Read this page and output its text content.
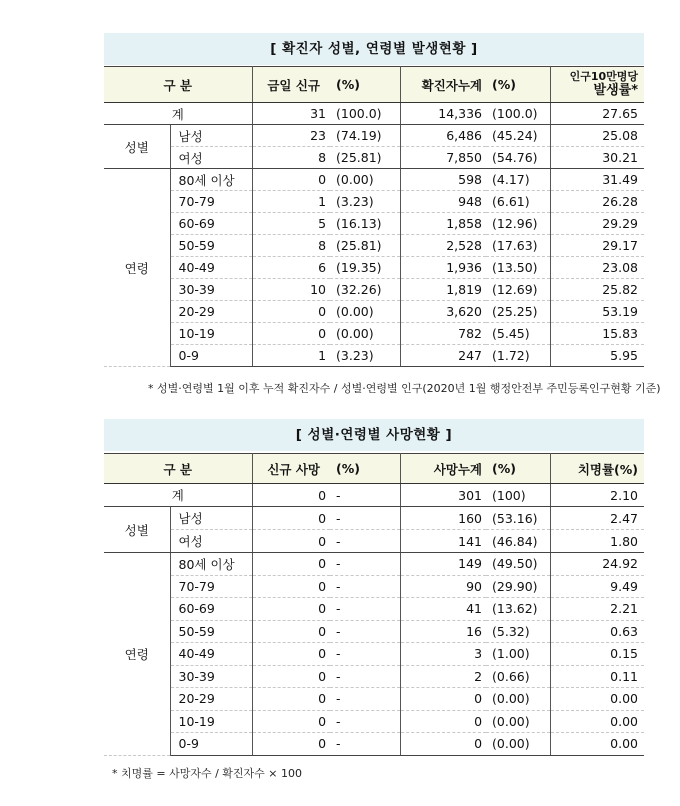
[ 확진자 성별, 연령별 발생현황 ]
구 분		금일 신규	(%)	확진자누계	(%)	인구10만명당
발생률*

계		31	(100.0)	14,336	(100.0)	27.65
성별	남성	23	(74.19)	6,486	(45.24)	25.08
	여성	8	(25.81)	7,850	(54.76)	30.21
연령	80세 이상	0	(0.00)	598	(4.17)	31.49
	70-79	1	(3.23)	948	(6.61)	26.28
	60-69	5	(16.13)	1,858	(12.96)	29.29
	50-59	8	(25.81)	2,528	(17.63)	29.17
	40-49	6	(19.35)	1,936	(13.50)	23.08
	30-39	10	(32.26)	1,819	(12.69)	25.82
	20-29	0	(0.00)	3,620	(25.25)	53.19
	10-19	0	(0.00)	782	(5.45)	15.83
	0-9	1	(3.23)	247	(1.72)	5.95
* 성별·연령별 1월 이후 누적 확진자수 / 성별·연령별 인구(2020년 1월 행정안전부 주민등록인구현황 기준)
[ 성별·연령별 사망현황 ]
구 분		신규 사망	(%)	사망누계	(%)	치명률(%)
계		0	-	301	(100)	2.10
성별	남성	0	-	160	(53.16)	2.47
	여성	0	-	141	(46.84)	1.80
연령	80세 이상	0	-	149	(49.50)	24.92
	70-79	0	-	90	(29.90)	9.49
	60-69	0	-	41	(13.62)	2.21
	50-59	0	-	16	(5.32)	0.63
	40-49	0	-	3	(1.00)	0.15
	30-39	0	-	2	(0.66)	0.11
	20-29	0	-	0	(0.00)	0.00
	10-19	0	-	0	(0.00)	0.00
	0-9	0	-	0	(0.00)	0.00
* 치명률 = 사망자수 / 확진자수 × 100
